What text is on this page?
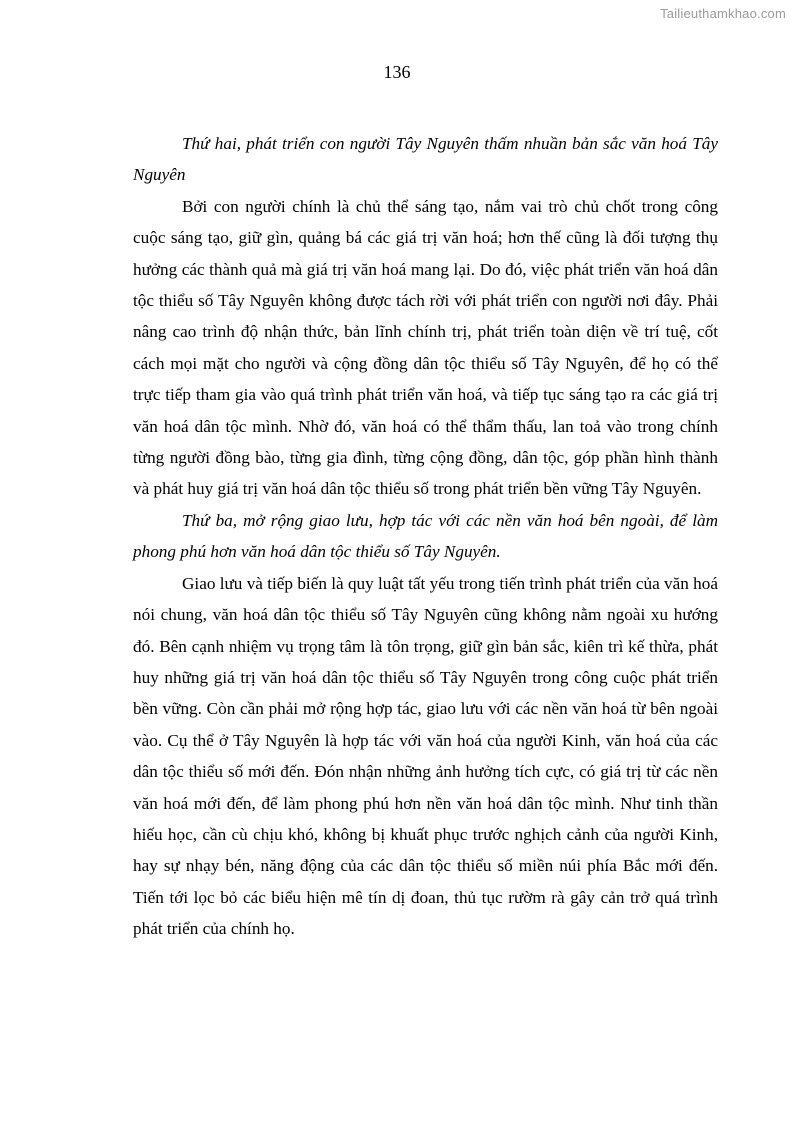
Tailieuthamkhao.com
136

Thứ hai, phát triển con người Tây Nguyên thấm nhuần bản sắc văn hoá Tây Nguyên

Bởi con người chính là chủ thể sáng tạo, nắm vai trò chủ chốt trong công cuộc sáng tạo, giữ gìn, quảng bá các giá trị văn hoá; hơn thế cũng là đối tượng thụ hưởng các thành quả mà giá trị văn hoá mang lại. Do đó, việc phát triển văn hoá dân tộc thiểu số Tây Nguyên không được tách rời với phát triển con người nơi đây. Phải nâng cao trình độ nhận thức, bản lĩnh chính trị, phát triển toàn diện về trí tuệ, cốt cách mọi mặt cho người và cộng đồng dân tộc thiểu số Tây Nguyên, để họ có thể trực tiếp tham gia vào quá trình phát triển văn hoá, và tiếp tục sáng tạo ra các giá trị văn hoá dân tộc mình. Nhờ đó, văn hoá có thể thẩm thấu, lan toả vào trong chính từng người đồng bào, từng gia đình, từng cộng đồng, dân tộc, góp phần hình thành và phát huy giá trị văn hoá dân tộc thiểu số trong phát triển bền vững Tây Nguyên.

Thứ ba, mở rộng giao lưu, hợp tác với các nền văn hoá bên ngoài, để làm phong phú hơn văn hoá dân tộc thiểu số Tây Nguyên.

Giao lưu và tiếp biến là quy luật tất yếu trong tiến trình phát triển của văn hoá nói chung, văn hoá dân tộc thiểu số Tây Nguyên cũng không nằm ngoài xu hướng đó. Bên cạnh nhiệm vụ trọng tâm là tôn trọng, giữ gìn bản sắc, kiên trì kế thừa, phát huy những giá trị văn hoá dân tộc thiểu số Tây Nguyên trong công cuộc phát triển bền vững. Còn cần phải mở rộng hợp tác, giao lưu với các nền văn hoá từ bên ngoài vào. Cụ thể ở Tây Nguyên là hợp tác với văn hoá của người Kinh, văn hoá của các dân tộc thiểu số mới đến. Đón nhận những ảnh hưởng tích cực, có giá trị từ các nền văn hoá mới đến, để làm phong phú hơn nền văn hoá dân tộc mình. Như tinh thần hiếu học, cần cù chịu khó, không bị khuất phục trước nghịch cảnh của người Kinh, hay sự nhạy bén, năng động của các dân tộc thiểu số miền núi phía Bắc mới đến. Tiến tới lọc bỏ các biểu hiện mê tín dị đoan, thủ tục rườm rà gây cản trở quá trình phát triển của chính họ.
